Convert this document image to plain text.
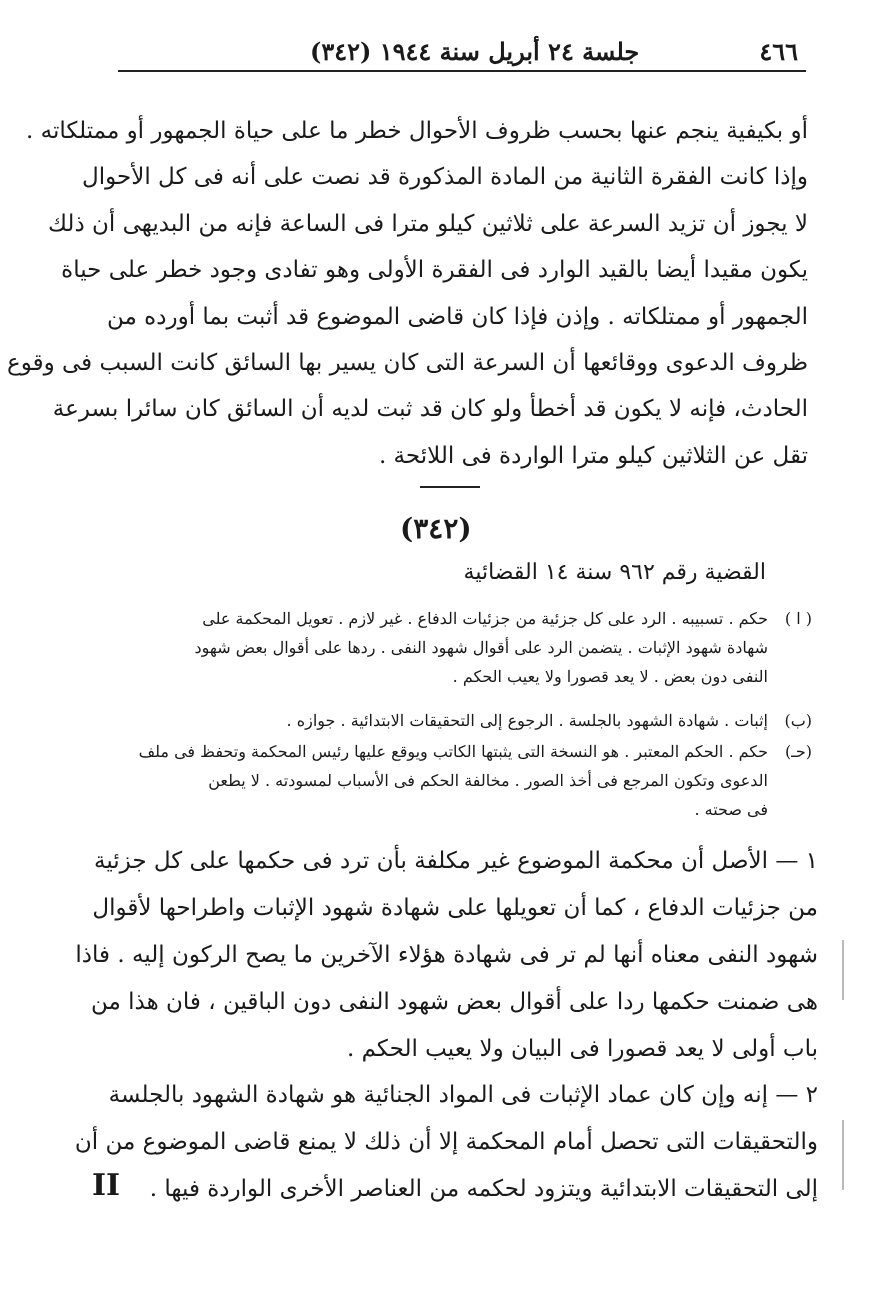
٤٦٦
جلسة ٢٤ أبريل سنة ١٩٤٤ (٣٤٢)
أو بكيفية ينجم عنها بحسب ظروف الأحوال خطر ما على حياة الجمهور أو ممتلكاته .
وإذا كانت الفقرة الثانية من المادة المذكورة قد نصت على أنه فى كل الأحوال
لا يجوز أن تزيد السرعة على ثلاثين كيلو مترا فى الساعة فإنه من البديهى أن ذلك
يكون مقيدا أيضا بالقيد الوارد فى الفقرة الأولى وهو تفادى وجود خطر على حياة
الجمهور أو ممتلكاته . وإذن فإذا كان قاضى الموضوع قد أثبت بما أورده من
ظروف الدعوى ووقائعها أن السرعة التى كان يسير بها السائق كانت السبب فى وقوع
الحادث، فإنه لا يكون قد أخطأ ولو كان قد ثبت لديه أن السائق كان سائرا بسرعة
تقل عن الثلاثين كيلو مترا الواردة فى اللائحة .
(٣٤٢)
القضية رقم ٩٦٢ سنة ١٤ القضائية
( ا )
حكم . تسبيبه . الرد على كل جزئية من جزئيات الدفاع . غير لازم . تعويل المحكمة على
شهادة شهود الإثبات . يتضمن الرد على أقوال شهود النفى . ردها على أقوال بعض شهود
النفى دون بعض . لا يعد قصورا ولا يعيب الحكم .
(ب)
إثبات . شهادة الشهود بالجلسة . الرجوع إلى التحقيقات الابتدائية . جوازه .
(حـ)
حكم . الحكم المعتبر . هو النسخة التى يثبتها الكاتب ويوقع عليها رئيس المحكمة وتحفظ فى ملف
الدعوى وتكون المرجع فى أخذ الصور . مخالفة الحكم فى الأسباب لمسودته . لا يطعن
فى صحته .
١ — الأصل أن محكمة الموضوع غير مكلفة بأن ترد فى حكمها على كل جزئية
من جزئيات الدفاع ، كما أن تعويلها على شهادة شهود الإثبات واطراحها لأقوال
شهود النفى معناه أنها لم تر فى شهادة هؤلاء الآخرين ما يصح الركون إليه . فاذا
هى ضمنت حكمها ردا على أقوال بعض شهود النفى دون الباقين ، فان هذا من
باب أولى لا يعد قصورا فى البيان ولا يعيب الحكم .
٢ — إنه وإن كان عماد الإثبات فى المواد الجنائية هو شهادة الشهود بالجلسة
والتحقيقات التى تحصل أمام المحكمة إلا أن ذلك لا يمنع قاضى الموضوع من أن
إلى التحقيقات الابتدائية ويتزود لحكمه من العناصر الأخرى الواردة فيها .
II
